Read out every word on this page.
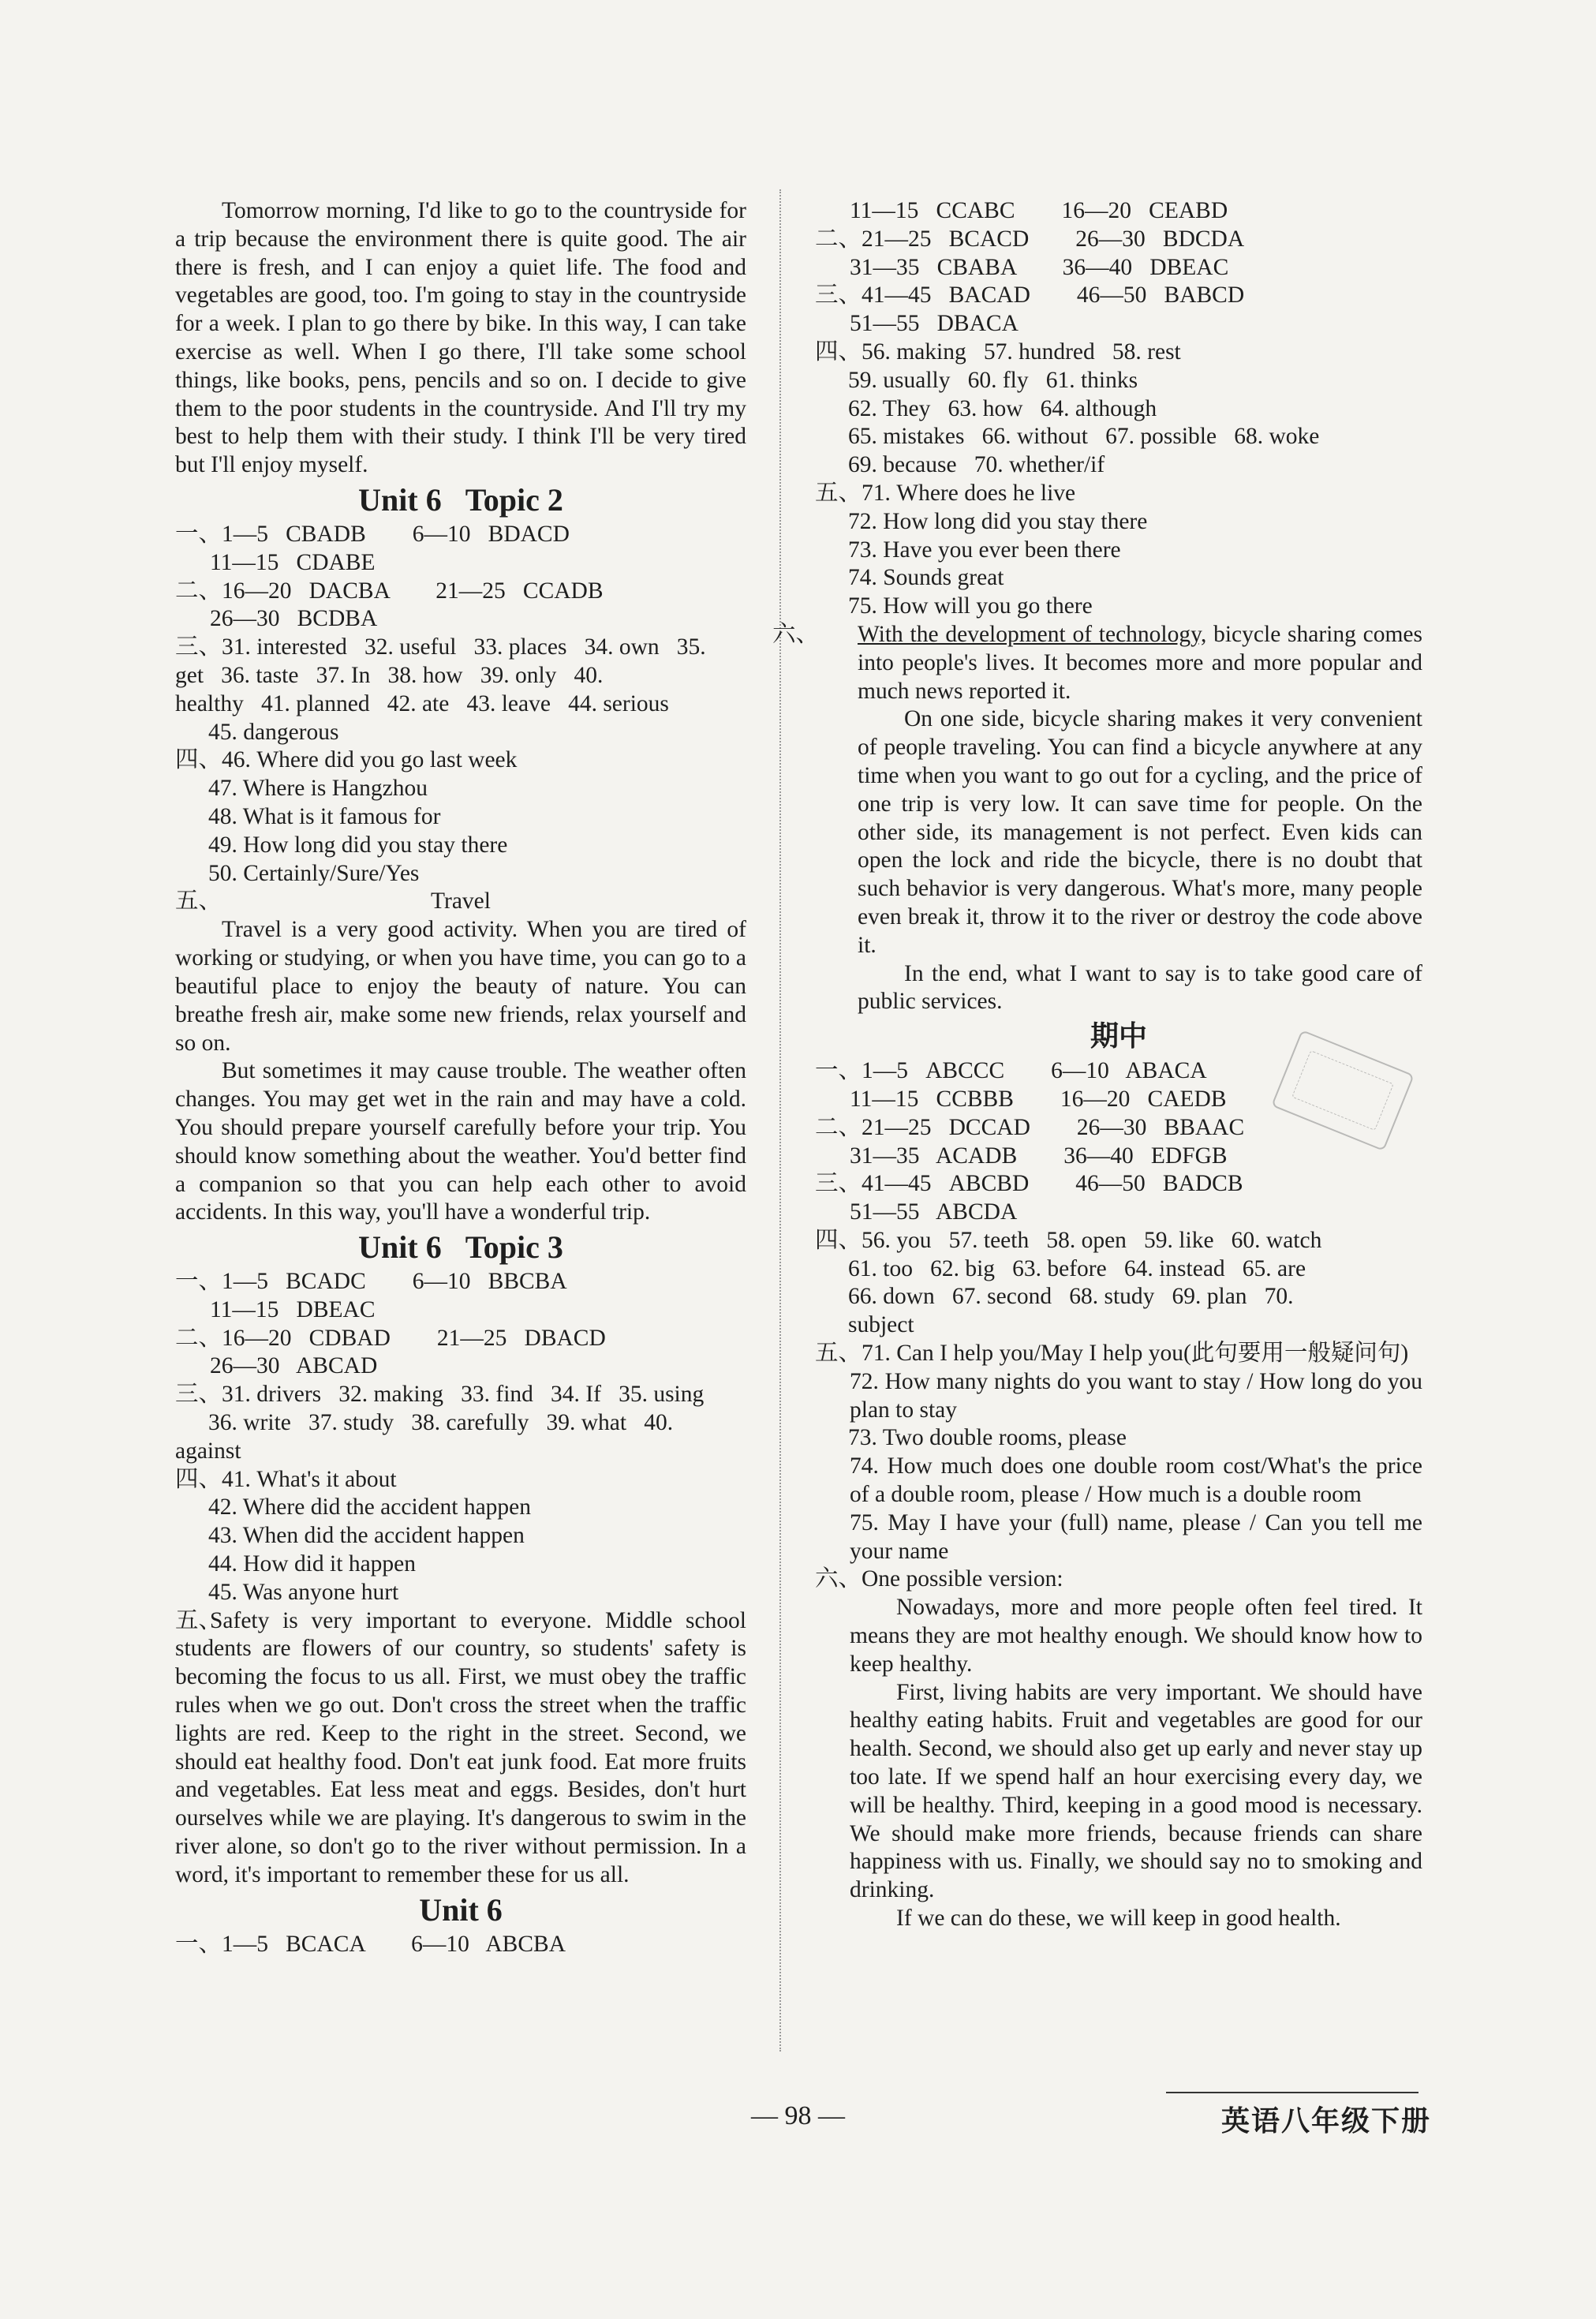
Tomorrow morning, I'd like to go to the countryside for a trip because the environment there is quite good. The air there is fresh, and I can enjoy a quiet life. The food and vegetables are good, too. I'm going to stay in the countryside for a week. I plan to go there by bike. In this way, I can take exercise as well. When I go there, I'll take some school things, like books, pens, pencils and so on. I decide to give them to the poor students in the countryside. And I'll try my best to help them with their study. I think I'll be very tired but I'll enjoy myself.

Unit 6 Topic 2

一、1—5   CBADB        6—10   BDACD

11—15   CDABE

二、16—20   DACBA        21—25   CCADB

26—30   BCDBA

三、31. interested   32. useful   33. places   34. own   35.

get   36. taste   37. In   38. how   39. only   40.

healthy   41. planned   42. ate   43. leave   44. serious

45. dangerous

四、46. Where did you go last week

47. Where is Hangzhou

48. What is it famous for

49. How long did you stay there

50. Certainly/Sure/Yes

五、	Travel

Travel is a very good activity. When you are tired of working or studying, or when you have time, you can go to a beautiful place to enjoy the beauty of nature. You can breathe fresh air, make some new friends, relax yourself and so on.

But sometimes it may cause trouble. The weather often changes. You may get wet in the rain and may have a cold. You should prepare yourself carefully before your trip. You should know something about the weather. You'd better find a companion so that you can help each other to avoid accidents. In this way, you'll have a wonderful trip.

Unit 6 Topic 3

一、1—5   BCADC        6—10   BBCBA

11—15   DBEAC

二、16—20   CDBAD        21—25   DBACD

26—30   ABCAD

三、31. drivers   32. making   33. find   34. If   35. using

36. write   37. study   38. carefully   39. what   40.

against

四、41. What's it about

42. Where did the accident happen

43. When did the accident happen

44. How did it happen

45. Was anyone hurt

五、Safety is very important to everyone. Middle school students are flowers of our country, so students' safety is becoming the focus to us all. First, we must obey the traffic rules when we go out. Don't cross the street when the traffic lights are red. Keep to the right in the street. Second, we should eat healthy food. Don't eat junk food. Eat more fruits and vegetables. Eat less meat and eggs. Besides, don't hurt ourselves while we are playing. It's dangerous to swim in the river alone, so don't go to the river without permission. In a word, it's important to remember these for us all.

Unit 6

一、1—5   BCACA        6—10   ABCBA

11—15   CCABC        16—20   CEABD

二、21—25   BCACD        26—30   BDCDA

31—35   CBABA        36—40   DBEAC

三、41—45   BACAD        46—50   BABCD

51—55   DBACA

四、56. making   57. hundred   58. rest

59. usually   60. fly   61. thinks

62. They   63. how   64. although

65. mistakes   66. without   67. possible   68. woke

69. because   70. whether/if

五、71. Where does he live

72. How long did you stay there

73. Have you ever been there

74. Sounds great

75. How will you go there

六、 With the development of technology, bicycle sharing comes into people's lives. It becomes more and more popular and much news reported it.

On one side, bicycle sharing makes it very convenient of people traveling. You can find a bicycle anywhere at any time when you want to go out for a cycling, and the price of one trip is very low. It can save time for people. On the other side, its management is not perfect. Even kids can open the lock and ride the bicycle, there is no doubt that such behavior is very dangerous. What's more, many people even break it, throw it to the river or destroy the code above it.

In the end, what I want to say is to take good care of public services.

期中

一、1—5   ABCCC        6—10   ABACA

11—15   CCBBB        16—20   CAEDB

二、21—25   DCCAD        26—30   BBAAC

31—35   ACADB        36—40   EDFGB

三、41—45   ABCBD        46—50   BADCB

51—55   ABCDA

四、56. you   57. teeth   58. open   59. like   60. watch

61. too   62. big   63. before   64. instead   65. are

66. down   67. second   68. study   69. plan   70.

subject

五、71. Can I help you/May I help you(此句要用一般疑问句)

72. How many nights do you want to stay / How long do you plan to stay

73. Two double rooms, please

74. How much does one double room cost/What's the price of a double room, please / How much is a double room

75. May I have your (full) name, please / Can you tell me your name

六、One possible version:

Nowadays, more and more people often feel tired. It means they are mot healthy enough. We should know how to keep healthy.

First, living habits are very important. We should have healthy eating habits. Fruit and vegetables are good for our health. Second, we should also get up early and never stay up too late. If we spend half an hour exercising every day, we will be healthy. Third, keeping in a good mood is necessary. We should make more friends, because friends can share happiness with us. Finally, we should say no to smoking and drinking.

If we can do these, we will keep in good health.

— 98 —	英语八年级下册
